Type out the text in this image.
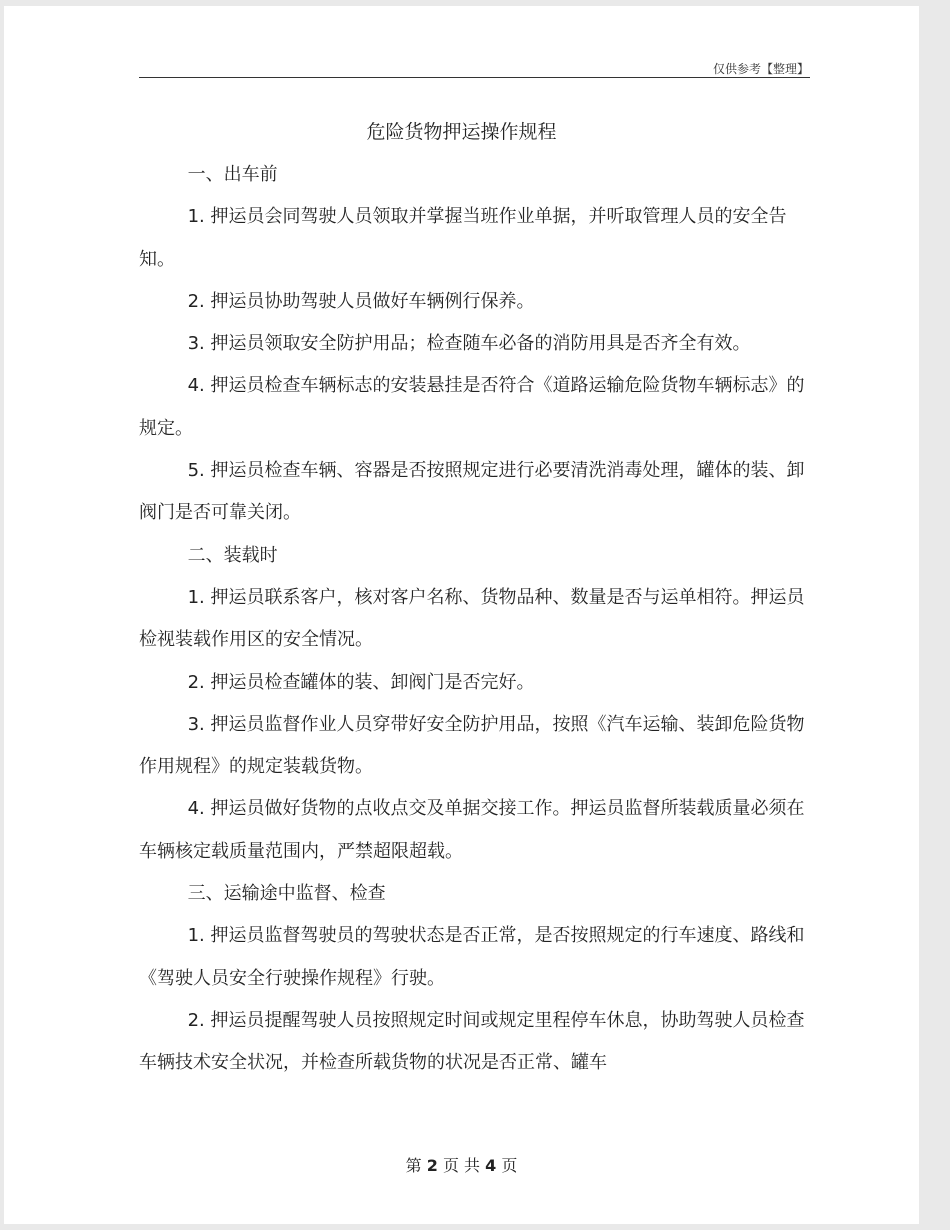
仅供参考【整理】
危险货物押运操作规程

一、出车前

1. 押运员会同驾驶人员领取并掌握当班作业单据，并听取管理人员的安全告知。

2. 押运员协助驾驶人员做好车辆例行保养。

3. 押运员领取安全防护用品；检查随车必备的消防用具是否齐全有效。

4. 押运员检查车辆标志的安装悬挂是否符合《道路运输危险货物车辆标志》的规定。

5. 押运员检查车辆、容器是否按照规定进行必要清洗消毒处理，罐体的装、卸阀门是否可靠关闭。

二、装载时

1. 押运员联系客户，核对客户名称、货物品种、数量是否与运单相符。押运员检视装载作用区的安全情况。

2. 押运员检查罐体的装、卸阀门是否完好。

3. 押运员监督作业人员穿带好安全防护用品，按照《汽车运输、装卸危险货物作用规程》的规定装载货物。

4. 押运员做好货物的点收点交及单据交接工作。押运员监督所装载质量必须在车辆核定载质量范围内，严禁超限超载。

三、运输途中监督、检查

1. 押运员监督驾驶员的驾驶状态是否正常，是否按照规定的行车速度、路线和《驾驶人员安全行驶操作规程》行驶。

2. 押运员提醒驾驶人员按照规定时间或规定里程停车休息，协助驾驶人员检查车辆技术安全状况，并检查所载货物的状况是否正常、罐车

第 2 页 共 4 页
